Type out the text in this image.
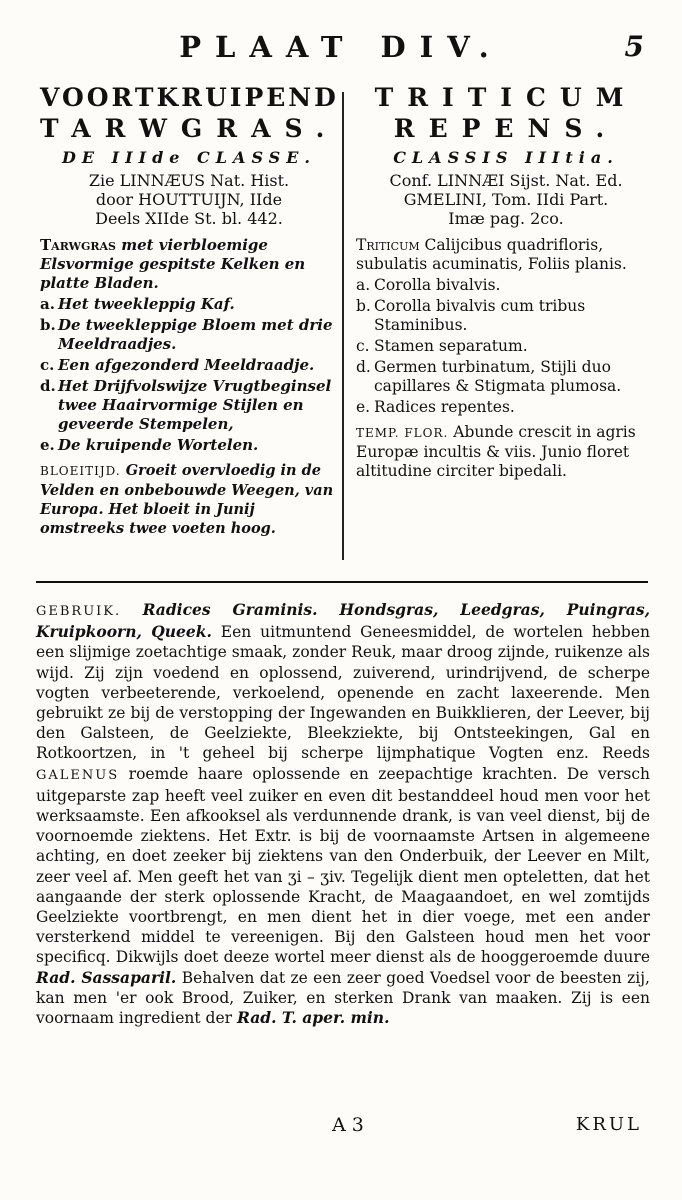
PLAAT DIV.	5
VOORTKRUIPEND
TARWGRAS.
DE IIIde CLASSE.
Zie LINNÆUS Nat. Hist.
door HOUTTUIJN, IIde
Deels XIIde St. bl. 442.
Tarwgras met vierbloemige Elsvormige gespitste Kelken en platte Bladen.
a. Het tweekleppig Kaf.
b. De tweekleppige Bloem met drie Meeldraadjes.
c. Een afgezonderd Meeldraadje.
d. Het Drijfvolswijze Vrugtbeginsel twee Haairvormige Stijlen en geveerde Stempelen,
e. De kruipende Wortelen.
BLOEITIJD. Groeit overvloedig in de Velden en onbebouwde Weegen, van Europa. Het bloeit in Junij omstreeks twee voeten hoog.
TRITICUM
REPENS.
CLASSIS IIItia.
Conf. LINNÆI Sijst. Nat. Ed.
GMELINI, Tom. IIdi Part.
Imæ pag. 2co.
Triticum Calijcibus quadrifloris, subulatis acuminatis, Foliis planis.
a. Corolla bivalvis.
b. Corolla bivalvis cum tribus Staminibus.
c. Stamen separatum.
d. Germen turbinatum, Stijli duo capillares & Stigmata plumosa.
e. Radices repentes.
TEMP. FLOR. Abunde crescit in agris Europæ incultis & viis. Junio floret altitudine circiter bipedali.
GEBRUIK. Radices Graminis. Hondsgras, Leedgras, Puingras, Kruipkoorn, Queek. Een uitmuntend Geneesmiddel, de wortelen hebben een slijmige zoetachtige smaak, zonder Reuk, maar droog zijnde, ruikenze als wijd. Zij zijn voedend en oplossend, zuiverend, urindrijvend, de scherpe vogten verbeeterende, verkoelend, openende en zacht laxeerende. Men gebruikt ze bij de verstopping der Ingewanden en Buikklieren, der Leever, bij den Galsteen, de Geelziekte, Bleekziekte, bij Ontsteekingen, Gal en Rotkoortzen, in 't geheel bij scherpe lijmphatique Vogten enz. Reeds GALENUS roemde haare oplossende en zeepachtige krachten. De versch uitgeparste zap heeft veel zuiker en even dit bestanddeel houd men voor het werksaamste. Een afkooksel als verdunnende drank, is van veel dienst, bij de voornoemde ziektens. Het Extr. is bij de voornaamste Artsen in algemeene achting, en doet zeeker bij ziektens van den Onderbuik, der Leever en Milt, zeer veel af. Men geeft het van ʒi – ʒiv. Tegelijk dient men opteletten, dat het aangaande der sterk oplossende Kracht, de Maagaandoet, en wel zomtijds Geelziekte voortbrengt, en men dient het in dier voege, met een ander versterkend middel te vereenigen. Bij den Galsteen houd men het voor specificq. Dikwijls doet deeze wortel meer dienst als de hooggeroemde duure Rad. Sassaparil. Behalven dat ze een zeer goed Voedsel voor de beesten zij, kan men 'er ook Brood, Zuiker, en sterken Drank van maaken. Zij is een voornaam ingredient der Rad. T. aper. min.
A 3	KRUL
